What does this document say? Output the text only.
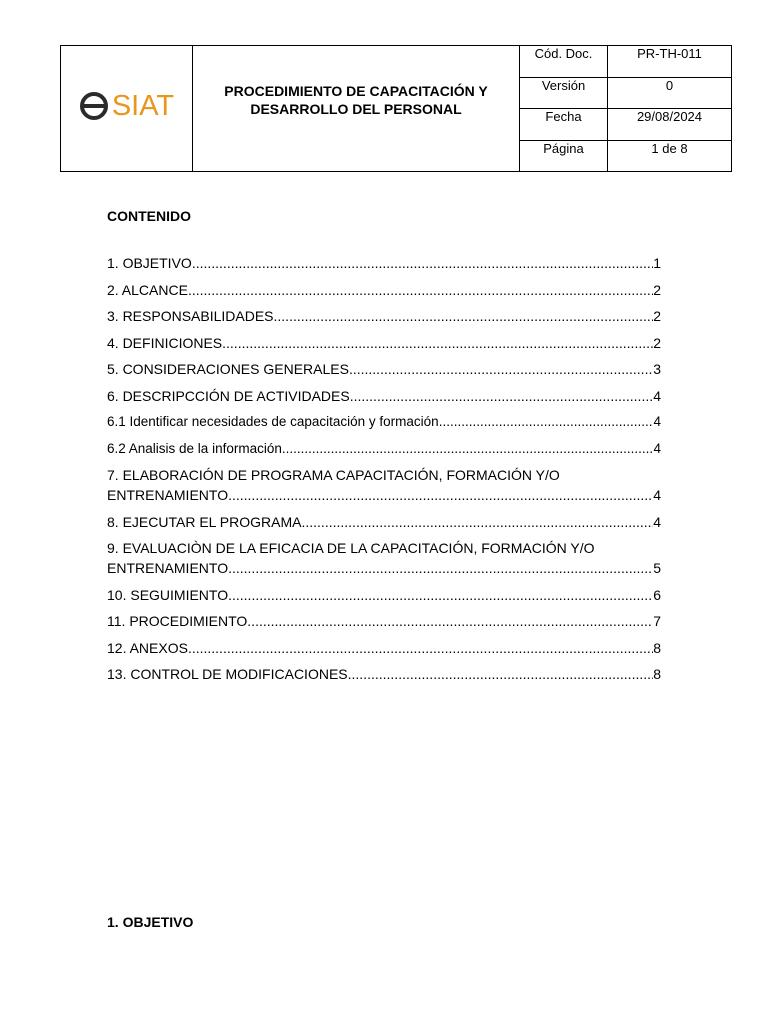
SIAT	PROCEDIMIENTO DE CAPACITACIÓN Y
DESARROLLO DEL PERSONAL	Cód. Doc.	PR-TH-011
		Versión	0
		Fecha	29/08/2024
		Página	1 de 8
CONTENIDO
1. OBJETIVO .....	1
2. ALCANCE .....	2
3. RESPONSABILIDADES .....	2
4. DEFINICIONES .....	2
5. CONSIDERACIONES GENERALES .....	3
6. DESCRIPCCIÓN DE ACTIVIDADES .....	4
6.1 Identificar necesidades de capacitación y formación .....	4
6.2 Analisis de la información .....	4
7. ELABORACIÓN DE PROGRAMA CAPACITACIÓN, FORMACIÓN Y/O
ENTRENAMIENTO .....	4
8. EJECUTAR EL PROGRAMA .....	4
9. EVALUACIÒN DE LA EFICACIA DE LA CAPACITACIÓN, FORMACIÓN Y/O
ENTRENAMIENTO .....	5
10. SEGUIMIENTO .....	6
11. PROCEDIMIENTO .....	7
12. ANEXOS .....	8
13. CONTROL DE MODIFICACIONES .....	8
1. OBJETIVO
